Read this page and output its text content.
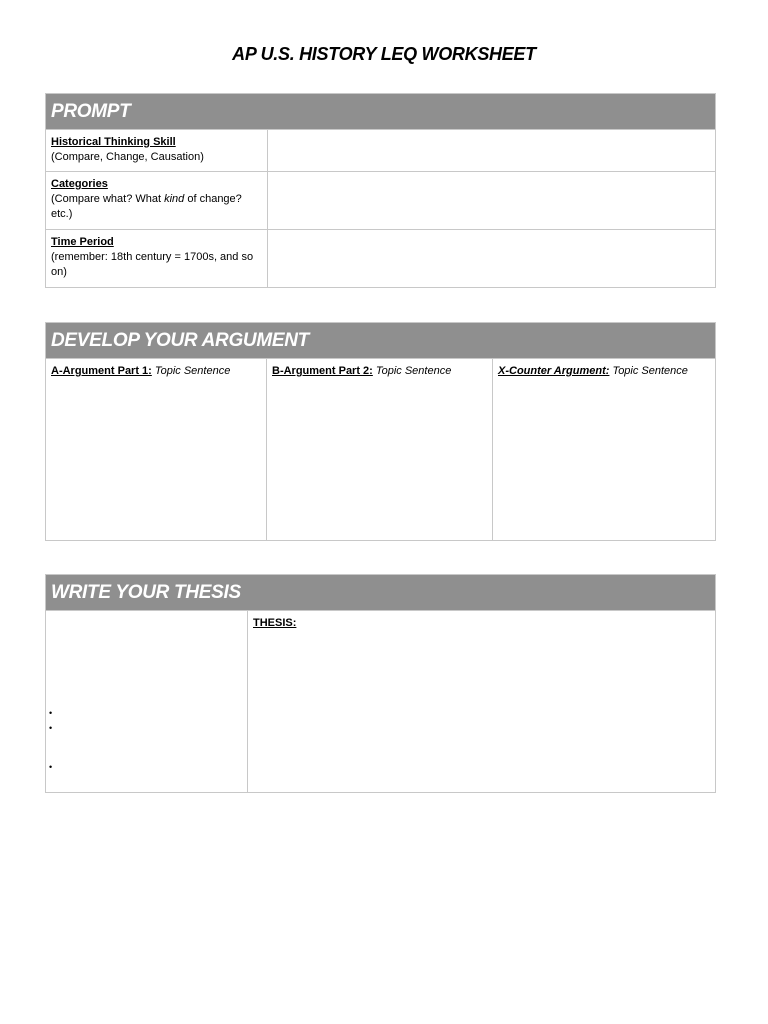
AP U.S. HISTORY LEQ WORKSHEET
PROMPT
Historical Thinking Skill
(Compare, Change, Causation)
Categories
(Compare what? What kind of change? etc.)
Time Period
(remember: 18th century = 1700s, and so on)
DEVELOP YOUR ARGUMENT
A-Argument Part 1: Topic Sentence	B-Argument Part 2: Topic Sentence	X-Counter Argument: Topic Sentence
WRITE YOUR THESIS
•
•
•
THESIS:
